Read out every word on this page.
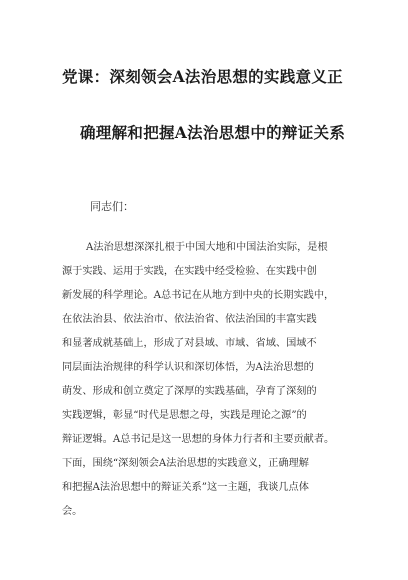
党课：深刻领会A法治思想的实践意义正
确理解和把握A法治思想中的辩证关系
同志们：
A法治思想深深扎根于中国大地和中国法治实际，是根
源于实践、运用于实践，在实践中经受检验、在实践中创
新发展的科学理论。A总书记在从地方到中央的长期实践中，
在依法治县、依法治市、依法治省、依法治国的丰富实践
和显著成就基础上，形成了对县域、市域、省域、国域不
同层面法治规律的科学认识和深切体悟，为A法治思想的
萌发、形成和创立奠定了深厚的实践基础，孕育了深刻的
实践逻辑，彰显“时代是思想之母，实践是理论之源”的
辩证逻辑。A总书记是这一思想的身体力行者和主要贡献者。
下面，围绕“深刻领会A法治思想的实践意义，正确理解
和把握A法治思想中的辩证关系”这一主题，我谈几点体
会。
